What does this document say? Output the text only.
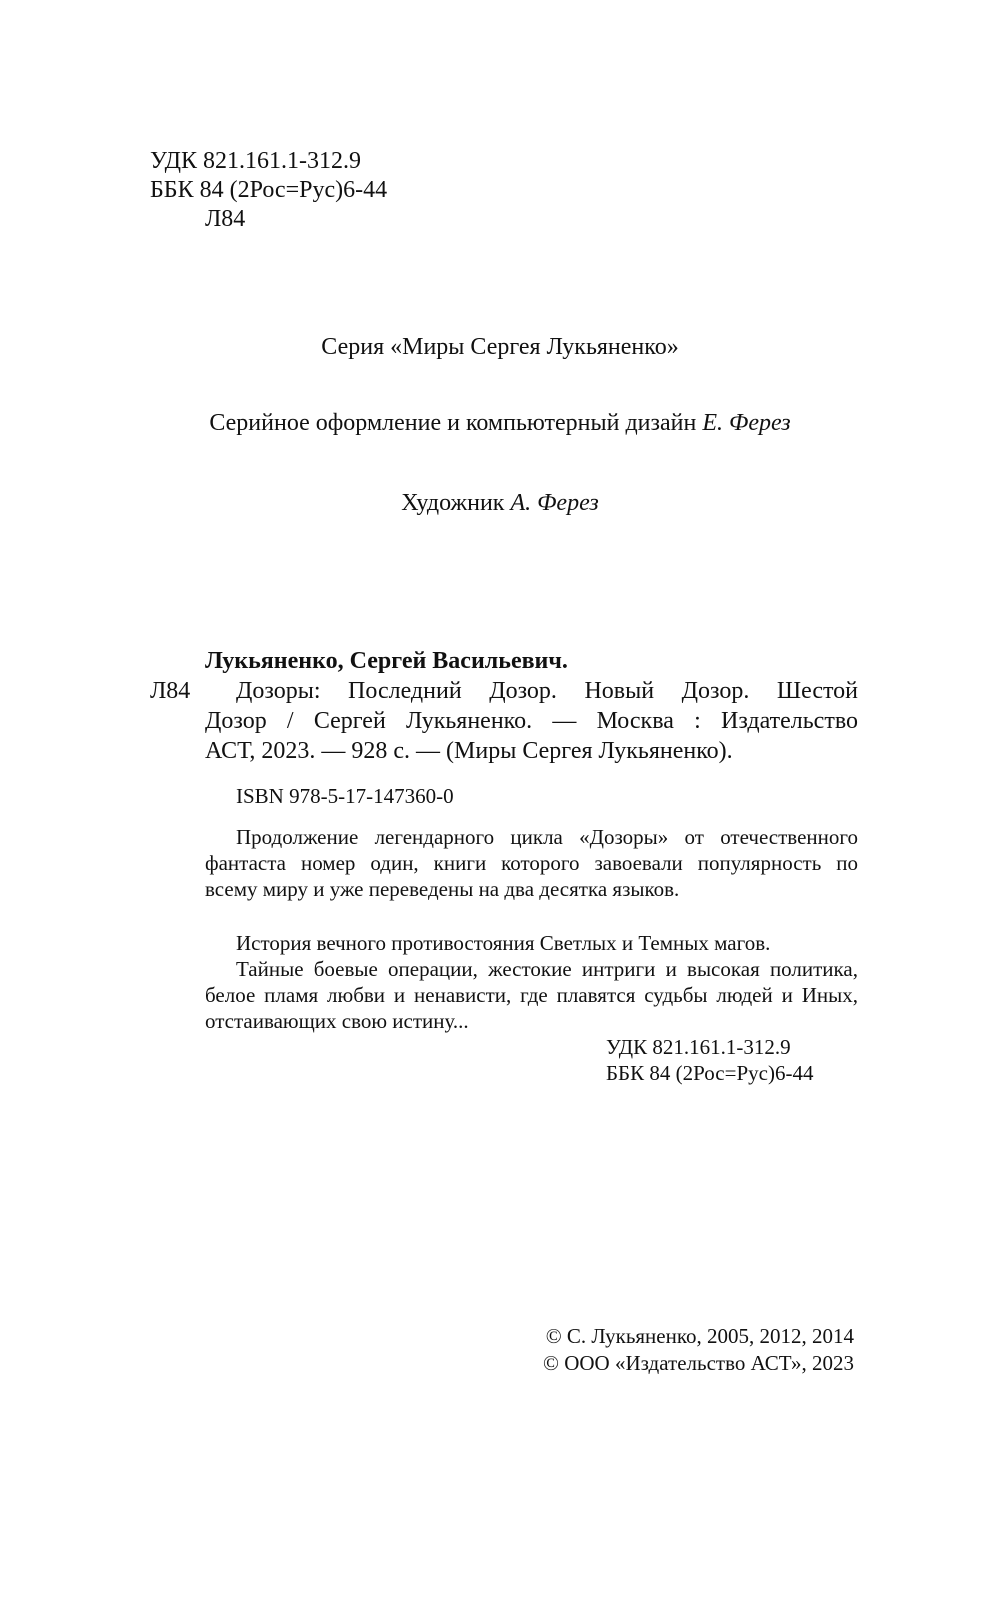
УДК 821.161.1-312.9
ББК 84 (2Рос=Рус)6-44
Л84
Серия «Миры Сергея Лукьяненко»
Серийное оформление и компьютерный дизайн Е. Ферез
Художник А. Ферез
Лукьяненко, Сергей Васильевич.
Л84 Дозоры: Последний Дозор. Новый Дозор. Шестой
Дозор / Сергей Лукьяненко. — Москва : Издательство
АСТ, 2023. — 928 с. — (Миры Сергея Лукьяненко).
ISBN 978-5-17-147360-0
Продолжение легендарного цикла «Дозоры» от отечественного
фантаста номер один, книги которого завоевали популярность по
всему миру и уже переведены на два десятка языков.
История вечного противостояния Светлых и Темных магов.
Тайные боевые операции, жестокие интриги и высокая политика,
белое пламя любви и ненависти, где плавятся судьбы людей и Иных,
отстаивающих свою истину...
УДК 821.161.1-312.9
ББК 84 (2Рос=Рус)6-44
© С. Лукьяненко, 2005, 2012, 2014
© ООО «Издательство АСТ», 2023
